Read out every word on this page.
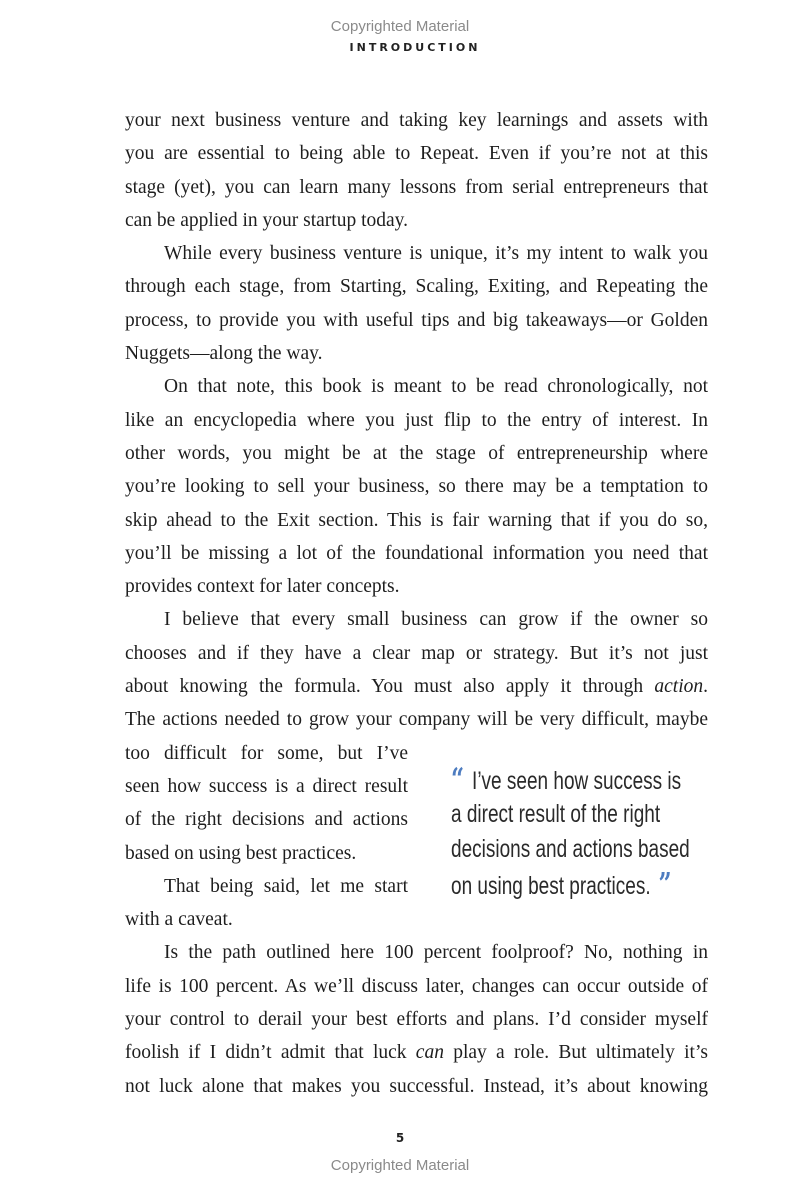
Copyrighted Material
INTRODUCTION
your next business venture and taking key learnings and assets with
you are essential to being able to Repeat. Even if you’re not at this
stage (yet), you can learn many lessons from serial entrepreneurs that
can be applied in your startup today.
While every business venture is unique, it’s my intent to walk you
through each stage, from Starting, Scaling, Exiting, and Repeating the
process, to provide you with useful tips and big takeaways—or Golden
Nuggets—along the way.
On that note, this book is meant to be read chronologically, not
like an encyclopedia where you just flip to the entry of interest. In
other words, you might be at the stage of entrepreneurship where
you’re looking to sell your business, so there may be a temptation to
skip ahead to the Exit section. This is fair warning that if you do so,
you’ll be missing a lot of the foundational information you need that
provides context for later concepts.
I believe that every small business can grow if the owner so
chooses and if they have a clear map or strategy. But it’s not just
about knowing the formula. You must also apply it through action.
The actions needed to grow your company will be very difficult, maybe
too difficult for some, but I’ve
seen how success is a direct result
of the right decisions and actions
based on using best practices.
That being said, let me start
with a caveat.
Is the path outlined here 100 percent foolproof? No, nothing in
life is 100 percent. As we’ll discuss later, changes can occur outside of
your control to derail your best efforts and plans. I’d consider myself
foolish if I didn’t admit that luck can play a role. But ultimately it’s
not luck alone that makes you successful. Instead, it’s about knowing
“ I’ve seen how success is
a direct result of the right
decisions and actions based
on using best practices. ”
5
Copyrighted Material
